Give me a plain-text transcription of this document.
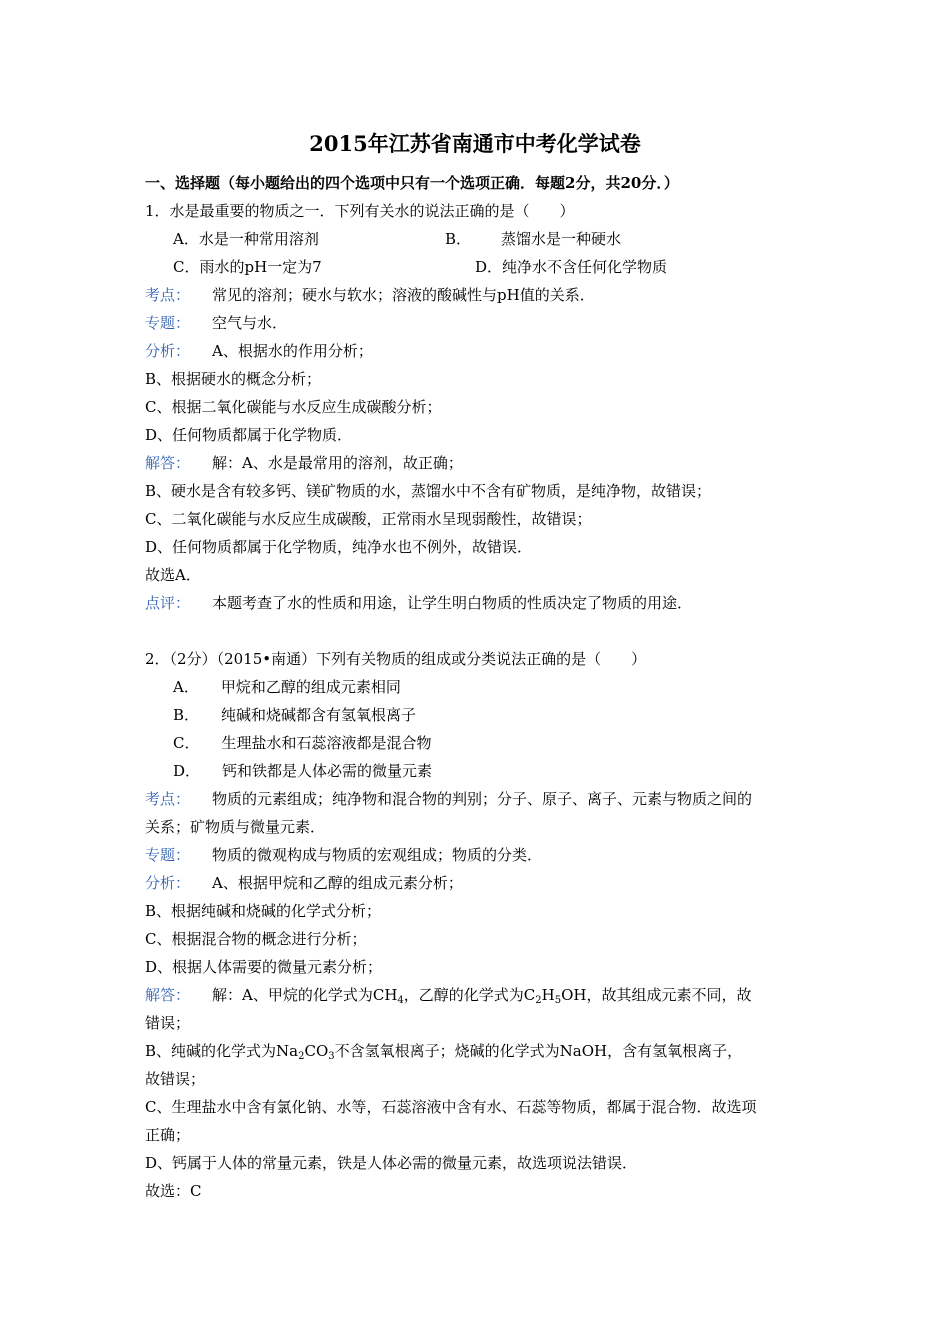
2015年江苏省南通市中考化学试卷
一、选择题（每小题给出的四个选项中只有一个选项正确．每题2分，共20分．）
1．水是最重要的物质之一．下列有关水的说法正确的是（　　）
A．水是一种常用溶剂	B． 蒸馏水是一种硬水
C．雨水的pH一定为7	D．纯净水不含任何化学物质
考点： 常见的溶剂；硬水与软水；溶液的酸碱性与pH值的关系．
专题： 空气与水．
分析： A、根据水的作用分析；
B、根据硬水的概念分析；
C、根据二氧化碳能与水反应生成碳酸分析；
D、任何物质都属于化学物质．
解答： 解：A、水是最常用的溶剂，故正确；
B、硬水是含有较多钙、镁矿物质的水，蒸馏水中不含有矿物质，是纯净物，故错误；
C、二氧化碳能与水反应生成碳酸，正常雨水呈现弱酸性，故错误；
D、任何物质都属于化学物质，纯净水也不例外，故错误．
故选A．
点评： 本题考查了水的性质和用途，让学生明白物质的性质决定了物质的用途．
2．（2分）（2015•南通）下列有关物质的组成或分类说法正确的是（　　）
A． 甲烷和乙醇的组成元素相同
B． 纯碱和烧碱都含有氢氧根离子
C． 生理盐水和石蕊溶液都是混合物
D． 钙和铁都是人体必需的微量元素
考点： 物质的元素组成；纯净物和混合物的判别；分子、原子、离子、元素与物质之间的
关系；矿物质与微量元素．
专题： 物质的微观构成与物质的宏观组成；物质的分类．
分析： A、根据甲烷和乙醇的组成元素分析；
B、根据纯碱和烧碱的化学式分析；
C、根据混合物的概念进行分析；
D、根据人体需要的微量元素分析；
解答： 解：A、甲烷的化学式为$CH_4$，乙醇的化学式为$C_2H_5OH$，故其组成元素不同，故
错误；
B、纯碱的化学式为$Na_2CO_3$不含氢氧根离子；烧碱的化学式为NaOH，含有氢氧根离子，
故错误；
C、生理盐水中含有氯化钠、水等，石蕊溶液中含有水、石蕊等物质，都属于混合物．故选项
正确；
D、钙属于人体的常量元素，铁是人体必需的微量元素，故选项说法错误．
故选：C
